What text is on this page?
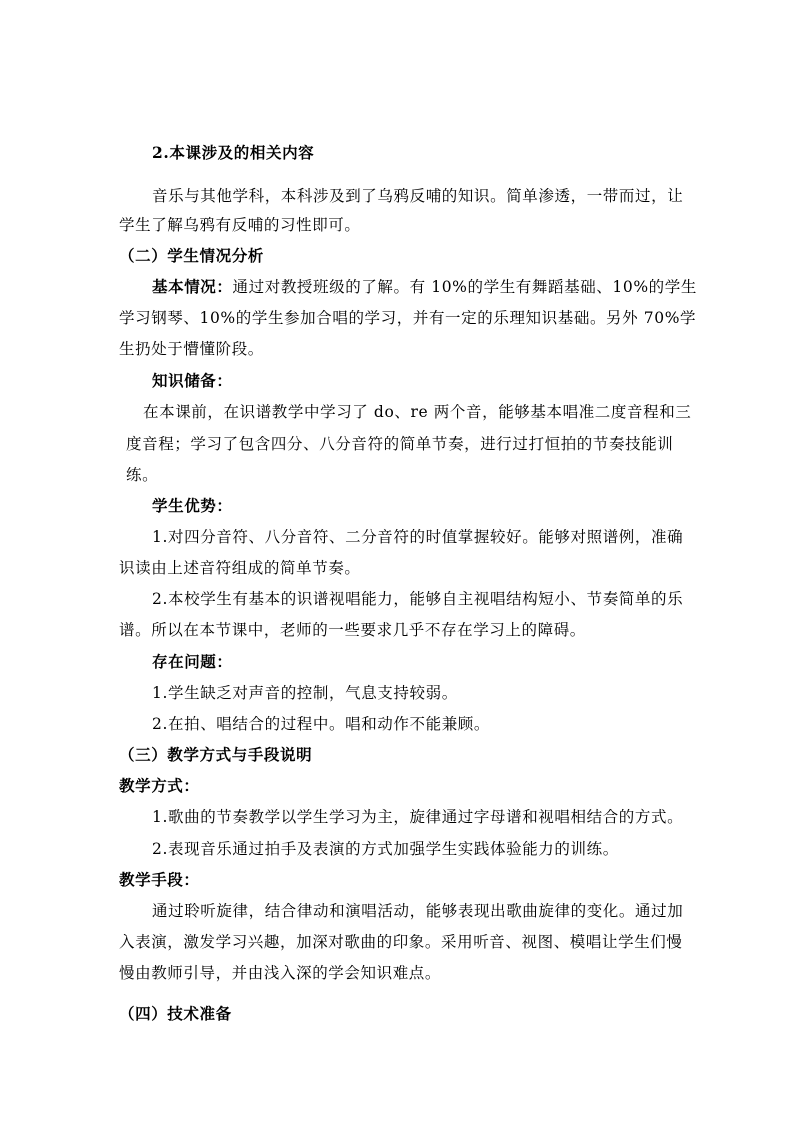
2.本课涉及的相关内容
音乐与其他学科，本科涉及到了乌鸦反哺的知识。简单渗透，一带而过，让
学生了解乌鸦有反哺的习性即可。
（二）学生情况分析
基本情况：通过对教授班级的了解。有 10%的学生有舞蹈基础、10%的学生
学习钢琴、10%的学生参加合唱的学习，并有一定的乐理知识基础。另外 70%学
生扔处于懵懂阶段。
知识储备：
在本课前，在识谱教学中学习了 do、re 两个音，能够基本唱准二度音程和三
度音程；学习了包含四分、八分音符的简单节奏，进行过打恒拍的节奏技能训
练。
学生优势：
1.对四分音符、八分音符、二分音符的时值掌握较好。能够对照谱例，准确
识读由上述音符组成的简单节奏。
2.本校学生有基本的识谱视唱能力，能够自主视唱结构短小、节奏简单的乐
谱。所以在本节课中，老师的一些要求几乎不存在学习上的障碍。
存在问题：
1.学生缺乏对声音的控制，气息支持较弱。
2.在拍、唱结合的过程中。唱和动作不能兼顾。
（三）教学方式与手段说明
教学方式：
1.歌曲的节奏教学以学生学习为主，旋律通过字母谱和视唱相结合的方式。
2.表现音乐通过拍手及表演的方式加强学生实践体验能力的训练。
教学手段：
通过聆听旋律，结合律动和演唱活动，能够表现出歌曲旋律的变化。通过加
入表演，激发学习兴趣，加深对歌曲的印象。采用听音、视图、模唱让学生们慢
慢由教师引导，并由浅入深的学会知识难点。
（四）技术准备
